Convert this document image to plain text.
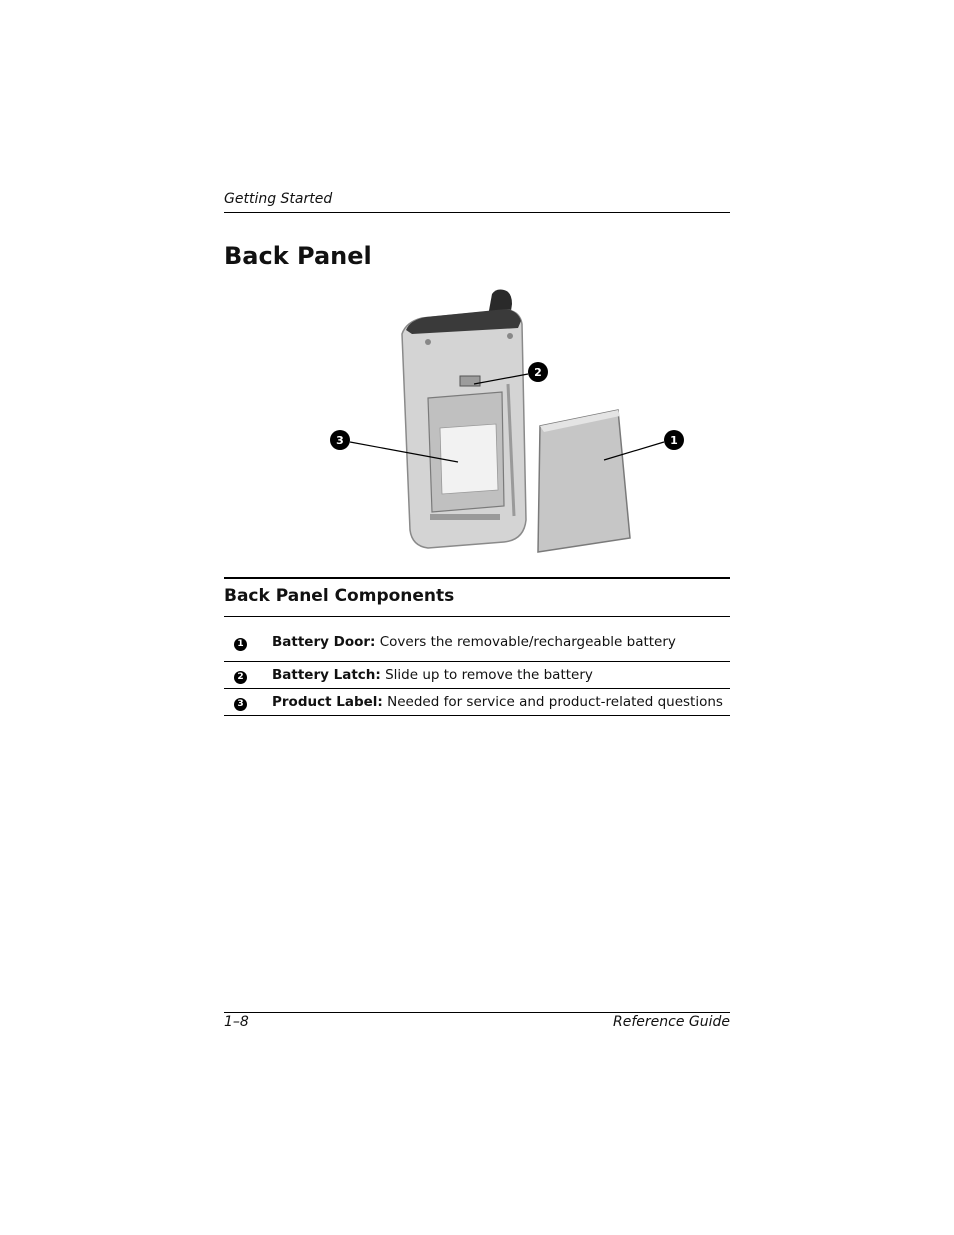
Getting Started
Back Panel
2
3	1
Back Panel Components
1	Battery Door: Covers the removable/rechargeable battery
2	Battery Latch: Slide up to remove the battery
3	Product Label: Needed for service and product-related questions
1–8	Reference Guide
